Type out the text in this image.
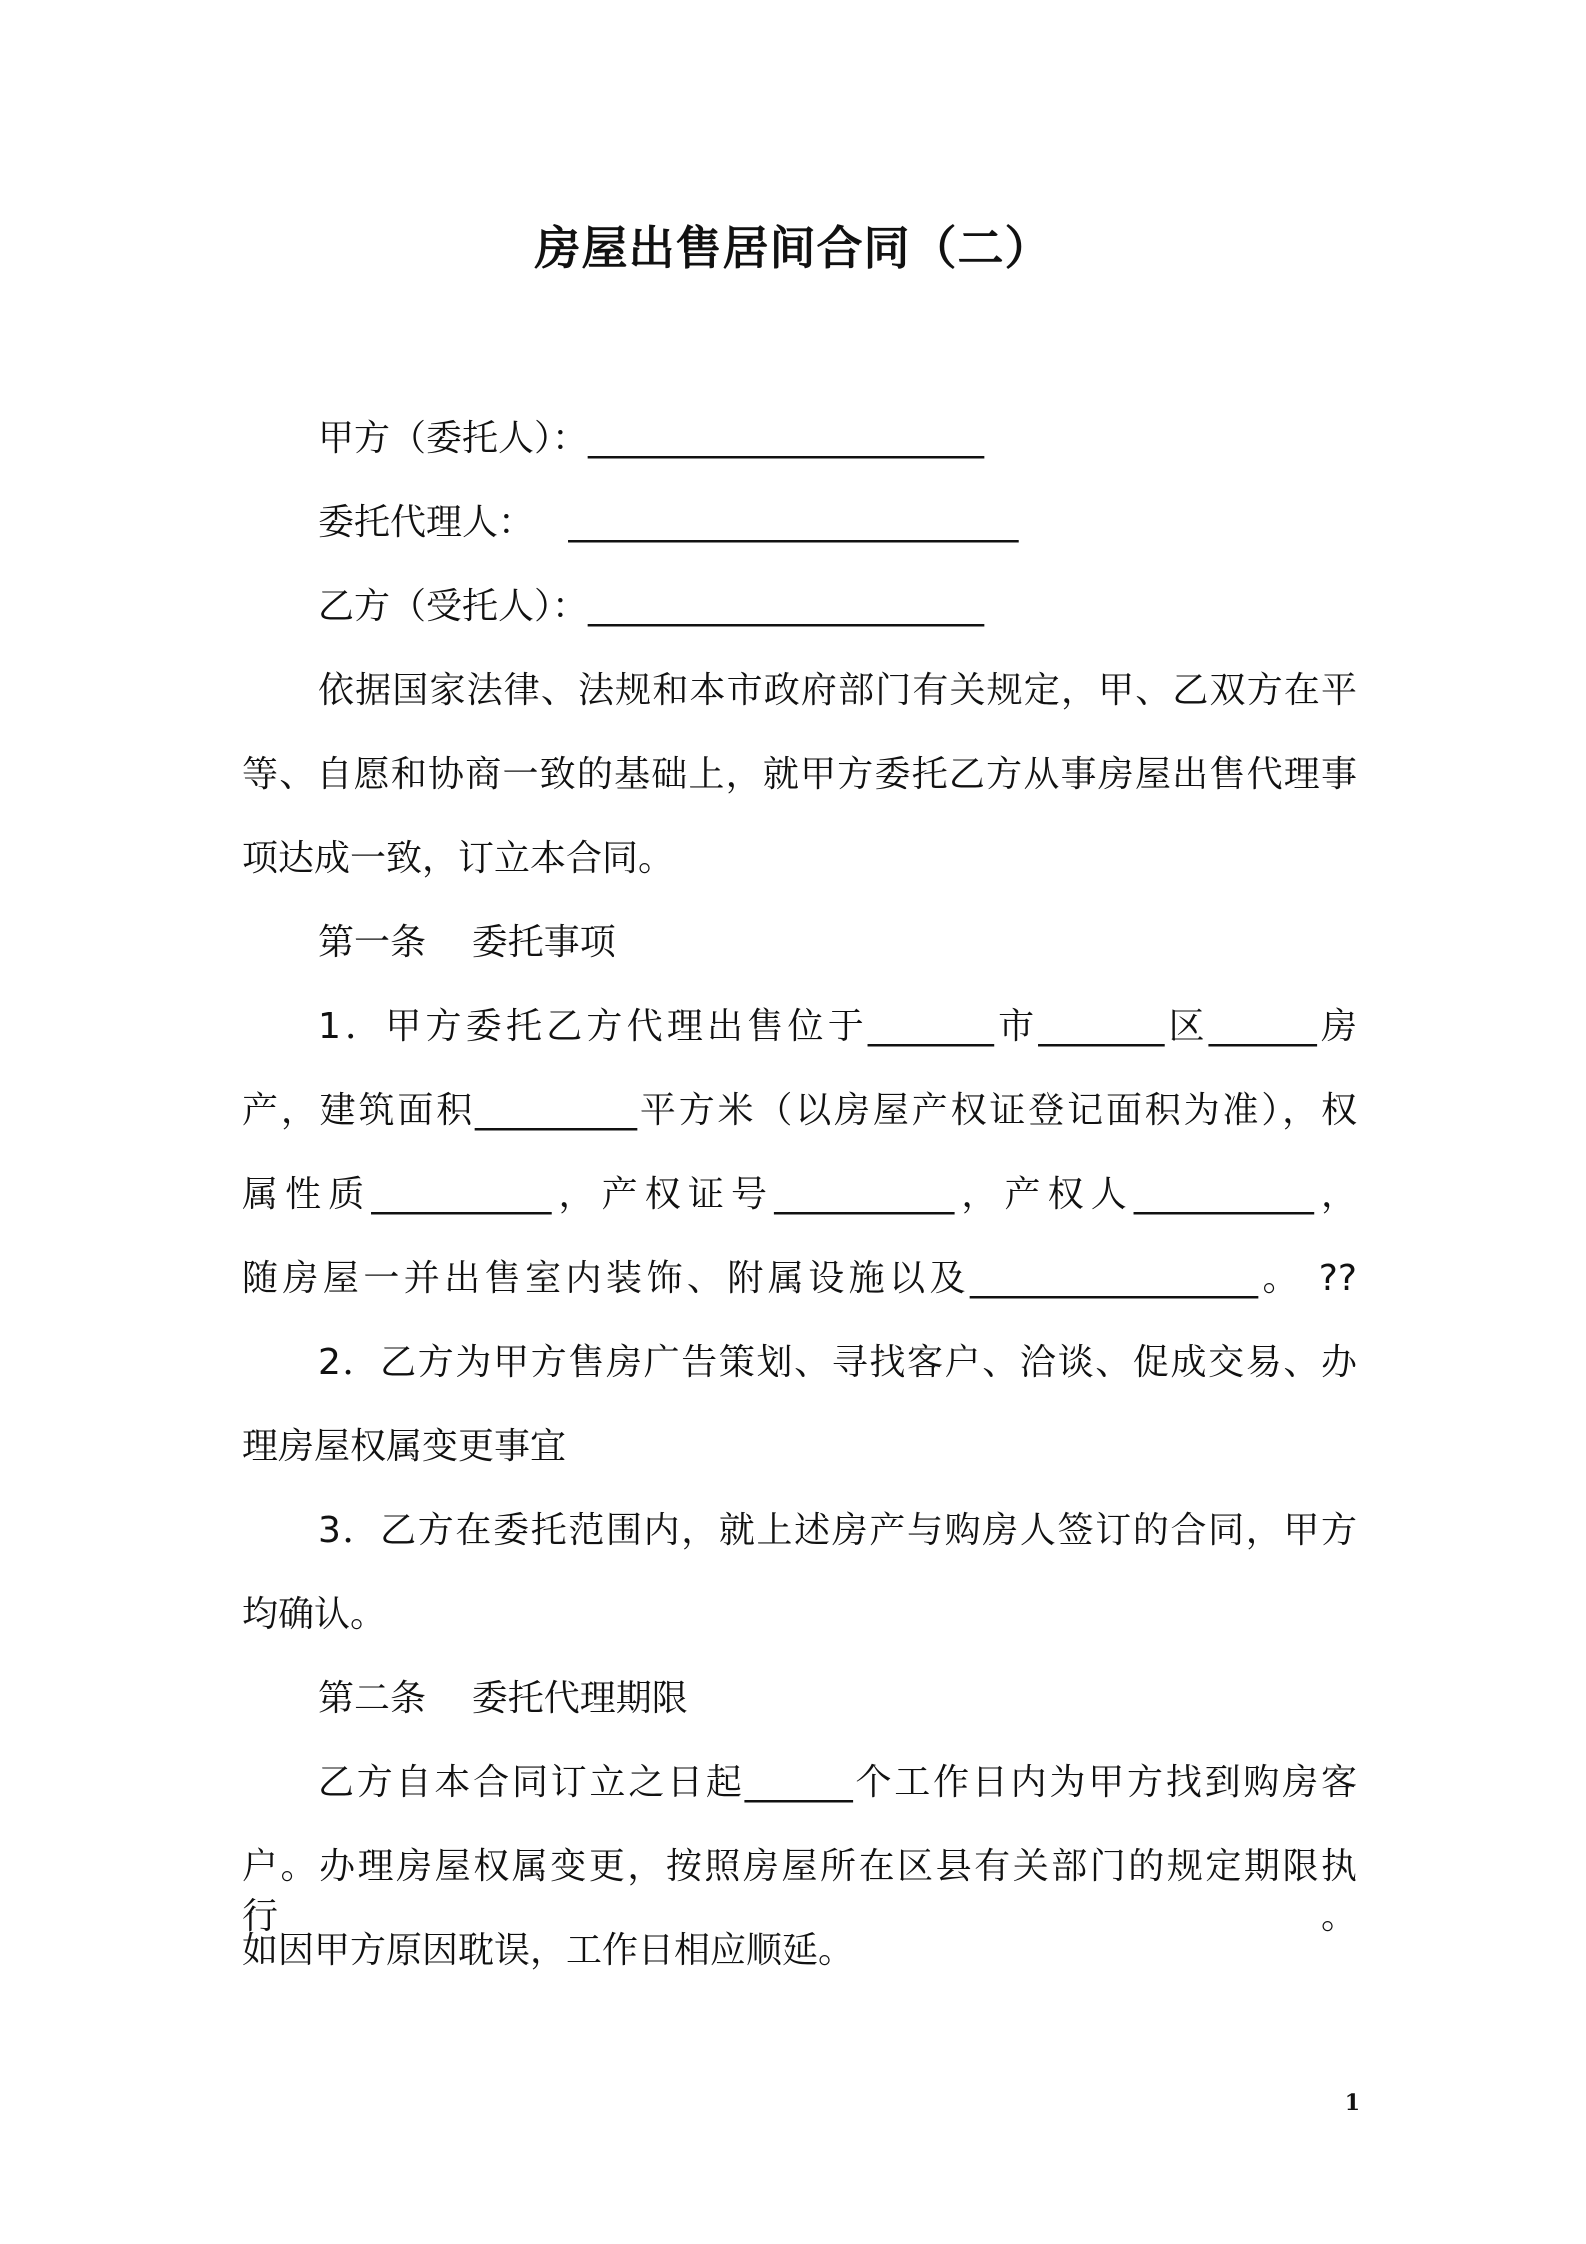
房屋出售居间合同（二）
甲方（委托人）：______________________
委托代理人：   _________________________
乙方（受托人）：______________________
依据国家法律、法规和本市政府部门有关规定，甲、乙双方在平
等、自愿和协商一致的基础上，就甲方委托乙方从事房屋出售代理事
项达成一致，订立本合同。
第一条    委托事项
1．甲方委托乙方代理出售位于_______市_______区______房
产，建筑面积_________平方米（以房屋产权证登记面积为准），权
属性质__________，产权证号__________，产权人__________，
随房屋一并出售室内装饰、附属设施以及________________。 ??
2．乙方为甲方售房广告策划、寻找客户、洽谈、促成交易、办
理房屋权属变更事宜
3．乙方在委托范围内，就上述房产与购房人签订的合同，甲方
均确认。
第二条    委托代理期限
乙方自本合同订立之日起______个工作日内为甲方找到购房客
户。办理房屋权属变更，按照房屋所在区县有关部门的规定期限执行。
如因甲方原因耽误，工作日相应顺延。
1
